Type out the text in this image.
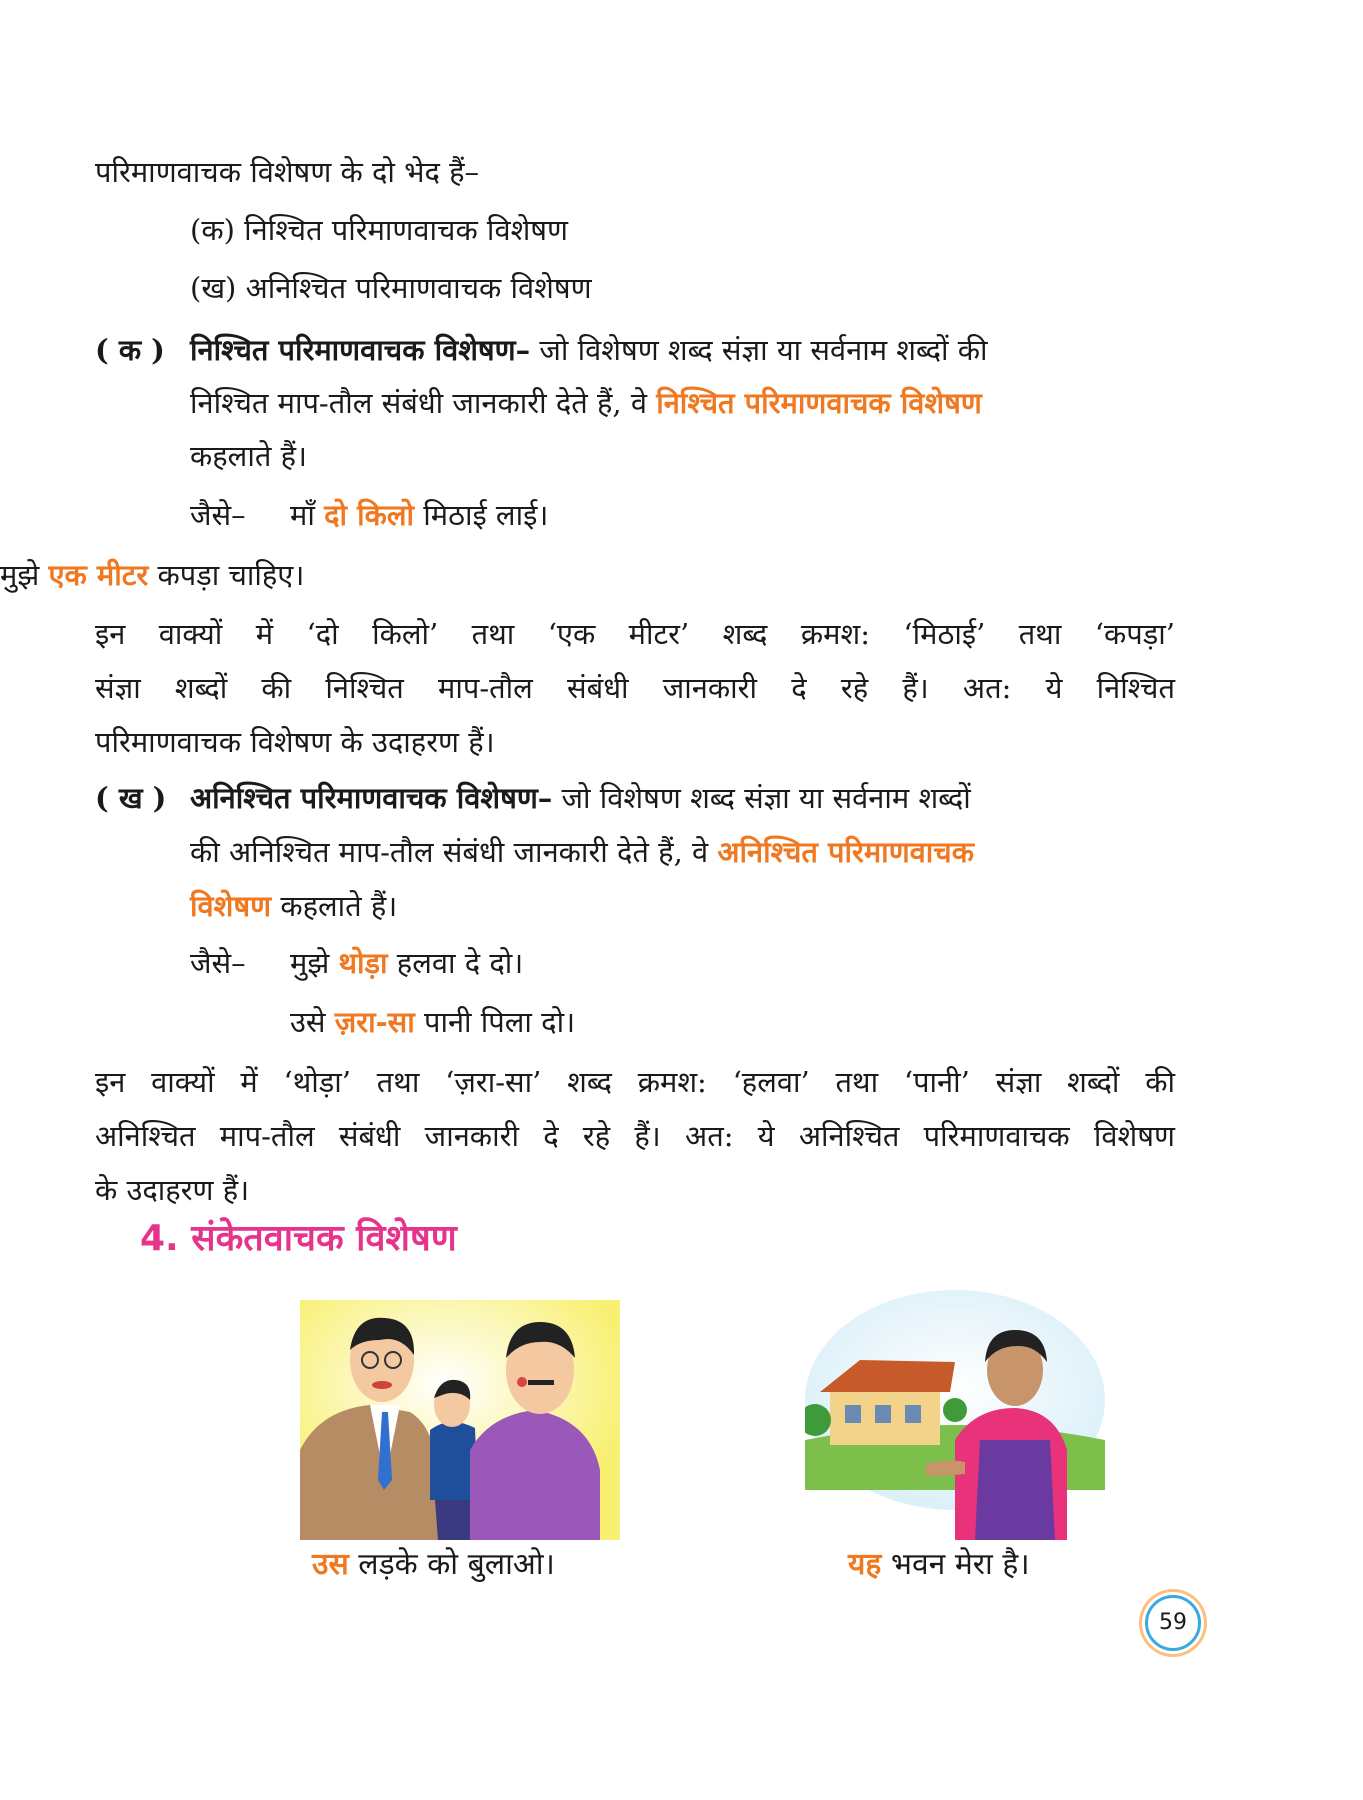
परिमाणवाचक विशेषण के दो भेद हैं–
(क) निश्चित परिमाणवाचक विशेषण
(ख) अनिश्चित परिमाणवाचक विशेषण
( क ) निश्चित परिमाणवाचक विशेषण– जो विशेषण शब्द संज्ञा या सर्वनाम शब्दों की
निश्चित माप-तौल संबंधी जानकारी देते हैं, वे निश्चित परिमाणवाचक विशेषण
कहलाते हैं।
जैसे– माँ दो किलो मिठाई लाई।
मुझे एक मीटर कपड़ा चाहिए।
इन वाक्यों में ‘दो किलो’ तथा ‘एक मीटर’ शब्द क्रमश: ‘मिठाई’ तथा ‘कपड़ा’
संज्ञा शब्दों की निश्चित माप-तौल संबंधी जानकारी दे रहे हैं। अत: ये निश्चित
परिमाणवाचक विशेषण के उदाहरण हैं।
( ख ) अनिश्चित परिमाणवाचक विशेषण– जो विशेषण शब्द संज्ञा या सर्वनाम शब्दों
की अनिश्चित माप-तौल संबंधी जानकारी देते हैं, वे अनिश्चित परिमाणवाचक
विशेषण कहलाते हैं।
जैसे– मुझे थोड़ा हलवा दे दो।
उसे ज़रा-सा पानी पिला दो।
इन वाक्यों में ‘थोड़ा’ तथा ‘ज़रा-सा’ शब्द क्रमश: ‘हलवा’ तथा ‘पानी’ संज्ञा शब्दों की
अनिश्चित माप-तौल संबंधी जानकारी दे रहे हैं। अत: ये अनिश्चित परिमाणवाचक विशेषण
के उदाहरण हैं।
4. संकेतवाचक विशेषण
उस लड़के को बुलाओ।	यह भवन मेरा है।
59
